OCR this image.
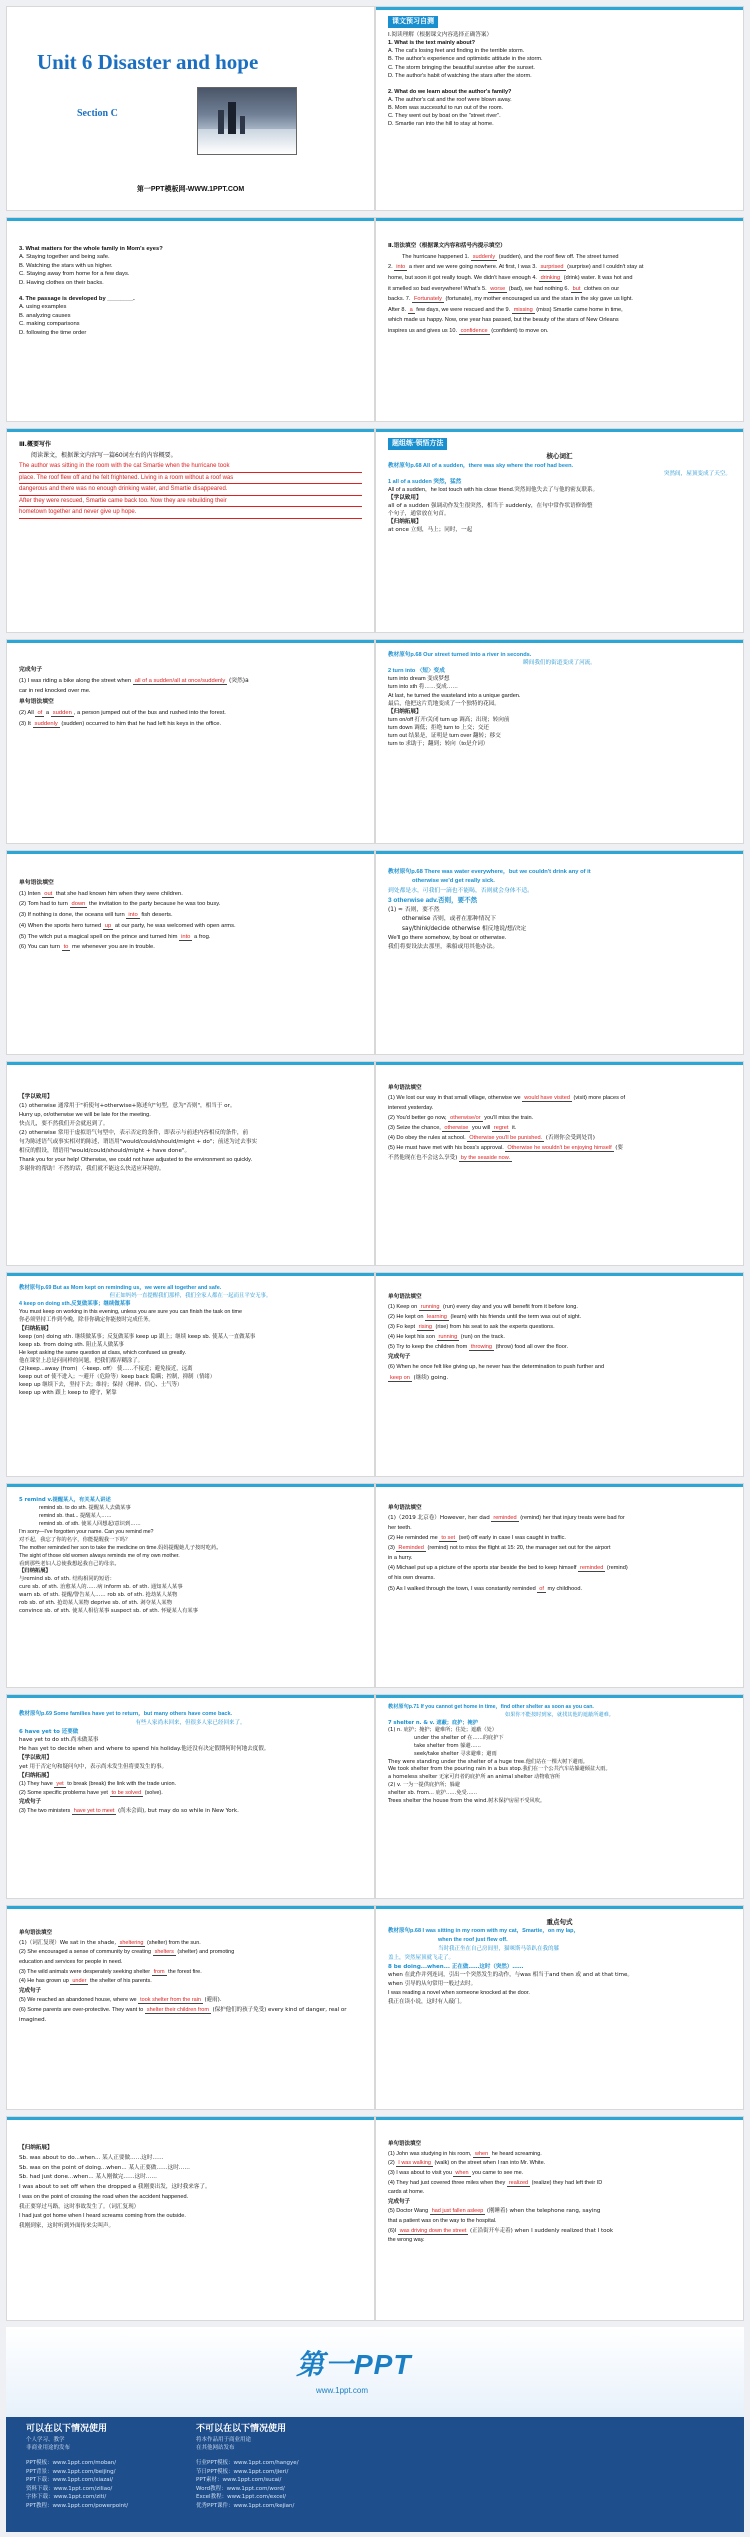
Unit 6 Disaster and hope
Section C
第一PPT模板网-WWW.1PPT.COM
课文预习自测

Ⅰ.阅读理解（根据课文内容选择正确答案）

1. What is the text mainly about?

A. The cat's losing feet and finding in the terrible storm.

B. The author's experience and optimistic attitude in the storm.

C. The storm bringing the beautiful sunrise after the sunset.

D. The author's habit of watching the stars after the storm.

2. What do we learn about the author's family?

A. The author's cat and the roof were blown away.

B. Mom was successful to run out of the room.

C. They went out by boat on the "street river".

D. Smartie ran into the hill to stay at home.

3. What matters for the whole family in Mom's eyes?

A. Staying together and being safe.

B. Watching the stars with us higher.

C. Staying away from home for a few days.

D. Having clothes on their backs.

4. The passage is developed by ________.

A. using examples

B. analyzing causes

C. making comparisons

D. following the time order

Ⅱ.语法填空（根据课文内容和括号内提示填空）

The hurricane happened 1. suddenly (sudden), and the roof flew off. The street turned

2. into a river and we were going nowhere. At first, I was 3. surprised (surprise) and I couldn't stay at

home, but soon it got really tough. We didn't have enough 4. drinking (drink) water. It was hot and

it smelled so bad everywhere! What's 5. worse (bad), we had nothing 6. but clothes on our

backs. 7. Fortunately (fortunate), my mother encouraged us and the stars in the sky gave us light.

After 8. a few days, we were rescued and the 9. missing (miss) Smartie came home in time,

which made us happy. Now, one year has passed, but the beauty of the stars of New Orleans

inspires us and gives us 10. confidence (confident) to move on.

Ⅲ.概要写作

阅读课文，根据课文内容写一篇60词左右的内容概要。

The author was sitting in the room with the cat Smartie when the hurricane took

place. The roof flew off and he felt frightened. Living in a room without a roof was

dangerous and there was no enough drinking water, and Smartie disappeared.

After they were rescued, Smartie came back too. Now they are rebuilding their

hometown together and never give up hope.

题组练·领悟方法

核心词汇

教材原句p.68 All of a sudden，there was sky where the roof had been.

突然间，屋顶变成了天空。

1 all of a sudden 突然，猛然

All of a sudden，he lost touch with his close friend.突然间他失去了与他的密友联系。

【学以致用】

all of a sudden 强调动作发生很突然，相当于 suddenly，在句中常作状语修饰整

个句子，通常放在句首。

【归纳拓展】

at once 立刻，马上；同时，一起

完成句子

(1) I was riding a bike along the street when all of a sudden/all at once/suddenly (突然)a

car in red knocked over me.

单句语法填空

(2) All of a sudden , a person jumped out of the bus and rushed into the forest.

(3) It suddenly (sudden) occurred to him that he had left his keys in the office.

教材原句p.68 Our street turned into a river in seconds.

瞬间我们的街道变成了河流。

2 turn into 〈短〉变成

turn into dream 变成梦想

turn into sth 将……变成……

At last, he turned the wasteland into a unique garden.

最后，他把这片荒地变成了一个独特的花园。

【归纳拓展】

turn on/off 打开/关闭 turn up 调高；出现；转向前

turn down 调低；拒绝 turn to 上交；交还

turn out 结果是，证明是 turn over 翻转；移交

turn to 求助于；翻到；转向（to是介词）

单句语法填空

(1) Inten out that she had known him when they were children.

(2) Tom had to turn down the invitation to the party because he was too busy.

(3) If nothing is done, the oceans will turn into fish deserts.

(4) When the sports hero turned up at our party, he was welcomed with open arms.

(5) The witch put a magical spell on the prince and turned him into a frog.

(6) You can turn to me whenever you are in trouble.

教材原句p.68 There was water everywhere，but we couldn't drink any of it

otherwise we'd get really sick.

到处都是水，可我们一滴也不能喝，否则就会身体不适。

3 otherwise adv.否则，要不然

(1) ≈ 否则，要不然

otherwise 否则，或者在那种情况下

say/think/decide otherwise 相反地说/想/决定

We'll go there somehow, by boat or otherwise.

我们将要设法去那里，乘船或用其他办法。

【学以致用】

(1) otherwise 通常用于"祈使句+otherwise+陈述句"句型，意为"否则"，相当于 or。

Hurry up, or/otherwise we will be late for the meeting.

快点儿，要不然我们开会就迟到了。

(2) otherwise 常用于虚拟语气句型中，表示否定的条件，即表示与前述内容相反的条件，前

句为陈述语气或事实相对的陈述，谓语用"would/could/should/might + do"；前述为过去事实

相反的假设，谓语用"would/could/should/might + have done"。

Thank you for your help! Otherwise, we could not have adjusted to the environment so quickly.

多谢你的帮助！不然的话，我们就不能这么快适应环境的。

单句语法填空

(1) We lost our way in that small village, otherwise we would have visited (visit) more places of

interest yesterday.

(2) You'd better go now, otherwise/or you'll miss the train.

(3) Seize the chance, otherwise you will regret it.

(4) Do obey the rules at school. Otherwise you'll be punished. (否则你会受到处罚)

(5) He must have met with his boss's approval. Otherwise he wouldn't be enjoying himself (要

不然他现在也不会这么享受) by the seaside now.

教材原句p.69 But as Mom kept on reminding us，we were all together and safe.

但正如妈妈一直提醒我们那样，我们全家人都在一起而且平安无事。

4 keep on doing sth.反复做某事；继续做某事

You must keep on working in this evening, unless you are sure you can finish the task on time

你必须坚持工作到今晚，除非你确定你能按时完成任务。

【归纳拓展】

keep (on) doing sth. 继续做某事；反复做某事 keep up 跟上；继续 keep sb. 使某人一直做某事

keep sb. from doing sth. 阻止某人做某事

He kept asking the same question at class, which confused us greatly.

他在课堂上总是问同样的问题，把我们都弄糊涂了。

(2)keep...away (from) 〈-keep. off〉 使……不接近；避免接近，远离

keep out of 使不进入；～避开（危险等）keep back 隐瞒；控制，抑制（情绪）

keep up 继续下去，坚持下去；维持；保持（精神、信心、士气等）

keep up with 跟上 keep to 遵守，紧靠

单句语法填空

(1) Keep on running (run) every day and you will benefit from it before long.

(2) He kept on learning (learn) with his friends until the term was out of sight.

(3) Fo kept rising (rise) from his seat to ask the experts questions.

(4) He kept his son running (run) on the track.

(5) Try to keep the children from throwing (throw) food all over the floor.

完成句子

(6) When he once felt like giving up, he never has the determination to push further and

keep on (继续) going.

5 remind v.提醒某人，有关某人讲述

remind sb. to do sth. 提醒某人去做某事

remind sb. that... 提醒某人……

remind sb. of sth. 使某人回想起/意识到……

I'm sorry—I've forgotten your name. Can you remind me?

对不起，我忘了你的名字，你能提醒我一下吗？

The mother reminded her son to take the medicine on time.妈妈提醒她儿子按时吃药。

The sight of those old women always reminds me of my own mother.

看到那些老妇人总使我想起我自己的母亲。

【归纳拓展】

与remind sb. of sth. 结构相同的短语：

cure sb. of sth. 治愈某人的……病 inform sb. of sth. 通知某人某事

warn sb. of sth. 提醒/警告某人…… rob sb. of sth. 抢劫某人某物

rob sb. of sth. 抢劫某人某物 deprive sb. of sth. 剥夺某人某物

convince sb. of sth. 使某人相信某事 suspect sb. of sth. 怀疑某人有某事

单句语法填空

(1)（2019 北京卷）However, her dad reminded (remind) her that injury treats were bad for

her teeth.

(2) He reminded me to set (set) off early in case I was caught in traffic.

(3) Reminded (remind) not to miss the flight at 15: 20, the manager set out for the airport

in a hurry.

(4) Michael put up a picture of the sports star beside the bed to keep himself reminded (remind)

of his own dreams.

(5) As I walked through the town, I was constantly reminded of my childhood.

教材原句p.69 Some families have yet to return，but many others have come back.

有些人家尚未回来，但很多人家已经回来了。

6 have yet to 还要做

have yet to do sth.尚未做某事

He has yet to decide when and where to spend his holiday.他还没有决定假期何时何地去度假。

【学以致用】

yet 用于否定句和疑问句中，表示尚未发生但将要发生的事。

【归纳拓展】

(1) They have yet to break (break) the link with the trade union.

(2) Some specific problems have yet to be solved (solve).

完成句子

(3) The two ministers have yet to meet (尚未会面), but may do so while in New York.

教材原句p.71 If you cannot get home in time，find other shelter as soon as you can.

如果你不能按时到家，就找其他的遮蔽所避难。

7 shelter n. & v. 遮蔽；庇护；掩护

(1) n. 庇护；掩护；避难所；住处；遮蔽（处）

under the shelter of 在……的庇护下

take shelter from 躲避……

seek/take shelter 寻求避难；避雨

They were standing under the shelter of a huge tree.他们站在一棵大树下避雨。

We took shelter from the pouring rain in a bus stop.我们在一个公共汽车站躲避倾盆大雨。

a homeless shelter 无家可归者的庇护所 an animal shelter 动物收容所

(2) v. 一为一提供庇护所；躲避

shelter sb. from... 庇护……免受……

Trees shelter the house from the wind.树木保护房屋不受风吹。

单句语法填空

(1)（词汇复现）We sat in the shade, sheltering (shelter) from the sun.

(2) She encouraged a sense of community by creating shelters (shelter) and promoting

education and services for people in need.

(3) The wild animals were desperately seeking shelter from the forest fire.

(4) He has grown up under the shelter of his parents.

完成句子

(5) We reached an abandoned house, where we took shelter from the rain (避雨).

(6) Some parents are over-protective. They want to shelter their children from (保护他们的孩子免受) every kind of danger, real or imagined.

重点句式

教材原句p.68 I was sitting in my room with my cat，Smartie，on my lap，

when the roof just flew off.

当时我正坐在自己房间里，猫咪斯马蒂趴在我的膝

盖上，突然屋顶就飞走了。

8 be doing...when... 正在做……这时（突然）……

when 在此作并列连词，引出一个突然发生的动作，与was 相当于and then 或 and at that time。

when 引导的从句常用一般过去时。

I was reading a novel when someone knocked at the door.

我正在读小说，这时有人敲门。

【归纳拓展】

Sb. was about to do...when... 某人正要做……这时……

Sb. was on the point of doing...when... 某人正要做……这时……

Sb. had just done...when... 某人刚做完……这时……

I was about to set off when the dropped a 我刚要出发，这时我来客了。

I was on the point of crossing the road when the accident happened.

我正要穿过马路，这时事故发生了。（词汇复现）

I had just got home when I heard screams coming from the outside.

我刚到家，这时听到外面传来尖叫声。

单句语法填空

(1) John was studying in his room, when he heard screaming.

(2) I was walking (walk) on the street when I ran into Mr. White.

(3) I was about to visit you when you came to see me.

(4) They had just covered three miles when they realized (realize) they had left their ID

cards at home.

完成句子

(5) Doctor Wang had just fallen asleep (刚睡着) when the telephone rang, saying

that a patient was on the way to the hospital.

(6)I was driving down the street (正沿街开车走着) when I suddenly realized that I took

the wrong way.

第一PPT
www.1ppt.com
可以在以下情况使用
个人学习、教学
非商业用途的发布
不可以在以下情况使用
将本作品用于商业用途
在其他网站发布

PPT模板：www.1ppt.com/moban/

PPT背景：www.1ppt.com/beijing/

PPT下载：www.1ppt.com/xiazai/

资料下载：www.1ppt.com/ziliao/

字体下载：www.1ppt.com/ziti/

PPT教程：www.1ppt.com/powerpoint/

行业PPT模板：www.1ppt.com/hangye/

节日PPT模板：www.1ppt.com/jieri/

PPT素材：www.1ppt.com/sucai/

Word教程：www.1ppt.com/word/

Excel教程：www.1ppt.com/excel/

优秀PPT课件：www.1ppt.com/kejian/
